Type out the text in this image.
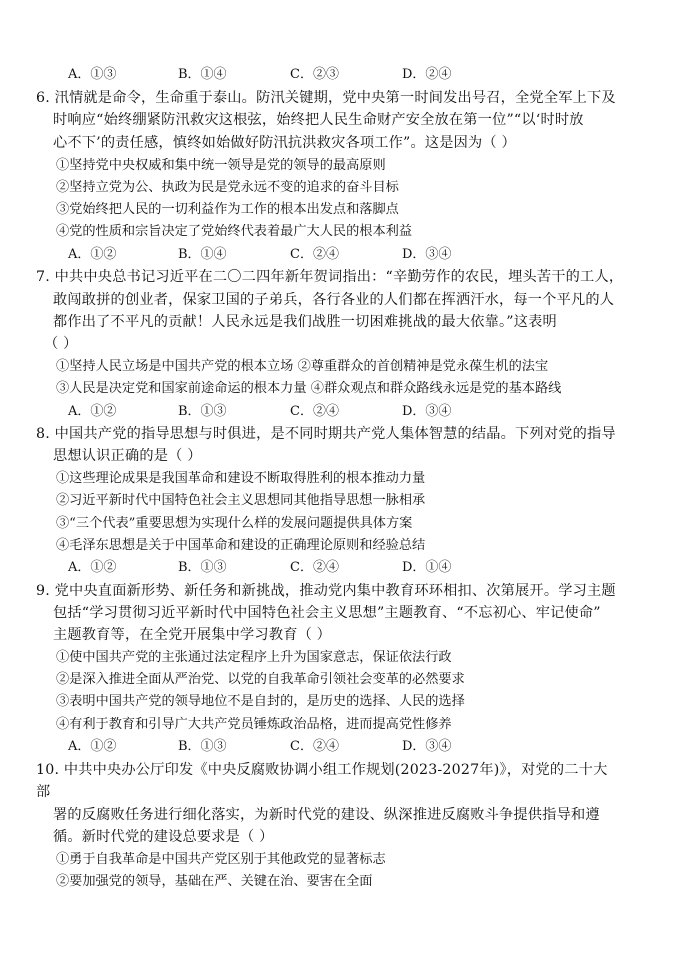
A．①③	B．①④	C．②③	D．②④
6. 汛情就是命令，生命重于泰山。防汛关键期，党中央第一时间发出号召，全党全军上下及
时响应“始终绷紧防汛救灾这根弦，始终把人民生命财产安全放在第一位”“以‘时时放
心不下’的责任感，慎终如始做好防汛抗洪救灾各项工作”。这是因为（ ）
①坚持党中央权威和集中统一领导是党的领导的最高原则
②坚持立党为公、执政为民是党永远不变的追求的奋斗目标
③党始终把人民的一切利益作为工作的根本出发点和落脚点
④党的性质和宗旨决定了党始终代表着最广大人民的根本利益
A．①②	B．①④	C．②④	D．③④
7. 中共中央总书记习近平在二〇二四年新年贺词指出：“辛勤劳作的农民，埋头苦干的工人，
敢闯敢拼的创业者，保家卫国的子弟兵，各行各业的人们都在挥洒汗水，每一个平凡的人
都作出了不平凡的贡献！人民永远是我们战胜一切困难挑战的最大依靠。”这表明
（ ）
①坚持人民立场是中国共产党的根本立场 ②尊重群众的首创精神是党永葆生机的法宝
③人民是决定党和国家前途命运的根本力量 ④群众观点和群众路线永远是党的基本路线
A．①②	B．①③	C．②④	D．③④
8. 中国共产党的指导思想与时俱进，是不同时期共产党人集体智慧的结晶。下列对党的指导
思想认识正确的是（ ）
①这些理论成果是我国革命和建设不断取得胜利的根本推动力量
②习近平新时代中国特色社会主义思想同其他指导思想一脉相承
③“三个代表”重要思想为实现什么样的发展问题提供具体方案
④毛泽东思想是关于中国革命和建设的正确理论原则和经验总结
A．①②	B．①③	C．②④	D．①④
9. 党中央直面新形势、新任务和新挑战，推动党内集中教育环环相扣、次第展开。学习主题
包括“学习贯彻习近平新时代中国特色社会主义思想”主题教育、“不忘初心、牢记使命”
主题教育等，在全党开展集中学习教育（ ）
①使中国共产党的主张通过法定程序上升为国家意志，保证依法行政
②是深入推进全面从严治党、以党的自我革命引领社会变革的必然要求
③表明中国共产党的领导地位不是自封的，是历史的选择、人民的选择
④有利于教育和引导广大共产党员锤炼政治品格，进而提高党性修养
A．①②	B．①③	C．②④	D．③④
10. 中共中央办公厅印发《中央反腐败协调小组工作规划(2023-2027年)》，对党的二十大
部
署的反腐败任务进行细化落实，为新时代党的建设、纵深推进反腐败斗争提供指导和遵
循。新时代党的建设总要求是（ ）
①勇于自我革命是中国共产党区别于其他政党的显著标志
②要加强党的领导，基础在严、关键在治、要害在全面
